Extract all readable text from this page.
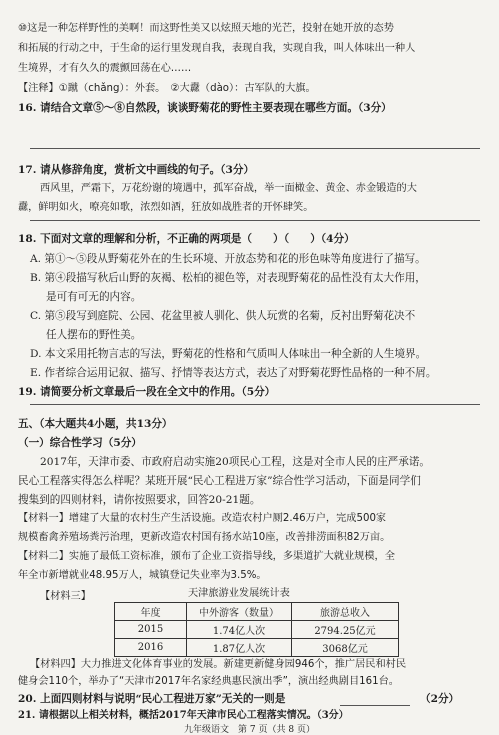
⑩这是一种怎样野性的美啊！而这野性美又以炫照天地的光芒，投射在她开放的态势
和拓展的行动之中，于生命的运行里发现自我，表现自我，实现自我，叫人体味出一种人
生境界，才有久久的震颤回荡在心……
【注释】①蹴（chǎng）：外套。　②大纛（dào）：古军队的大旗。
16. 请结合文章⑤～⑧自然段，谈谈野菊花的野性主要表现在哪些方面。（3分）
17. 请从修辞角度，赏析文中画线的句子。（3分）
西风里，严霜下，万花纷谢的境遇中，孤军奋战，举一面橄金、黄金、赤金锻造的大
纛，鲜明如火，嘹亮如歌，浓烈如酒，狂放如战胜者的开怀肆笑。
18. 下面对文章的理解和分析，不正确的两项是（　　）（　　）（4分）
A. 第①～⑤段从野菊花外在的生长环境、开放态势和花的形色味等角度进行了描写。
B. 第④段描写秋后山野的灰褐、松柏的褪色等，对表现野菊花的品性没有太大作用，
是可有可无的内容。
C. 第⑤段写到庭院、公园、花盆里被人驯化、供人玩赏的名菊，反衬出野菊花决不
任人摆布的野性美。
D. 本文采用托物言志的写法，野菊花的性格和气质叫人体味出一种全新的人生境界。
E. 作者综合运用记叙、描写、抒情等表达方式，表达了对野菊花野性品格的一种不屑。
19. 请简要分析文章最后一段在全文中的作用。（5分）
五、（本大题共4小题，共13分）
（一）综合性学习（5分）
2017年，天津市委、市政府启动实施20项民心工程，这是对全市人民的庄严承诺。
民心工程落实得怎么样呢？某班开展“民心工程进万家”综合性学习活动，下面是同学们
搜集到的四则材料，请你按照要求，回答20-21题。
【材料一】增建了大量的农村生产生活设施。改造农村户厕2.46万户，完成500家
规模畜禽养殖场粪污治理，更新改造农村国有扬水站10座，改善排涝面积82万亩。
【材料二】实施了最低工资标准，颁布了企业工资指导线，多渠道扩大就业规模，全
年全市新增就业48.95万人，城镇登记失业率为3.5%。
【材料三】	天津旅游业发展统计表
年度	中外游客（数量）	旅游总收入
2015	1.74亿人次	2794.25亿元
2016	1.87亿人次	3068亿元
【材料四】大力推进文化体育事业的发展。新建更新健身园946个，推广居民和村民
健身会110个，举办了“天津市2017年名家经典惠民演出季”，演出经典剧目161台。
20. 上面四则材料与说明“民心工程进万家”无关的一则是	（2分）
21. 请根据以上相关材料，概括2017年天津市民心工程落实情况。（3分）
九年级语文　第 7 页（共 8 页）
